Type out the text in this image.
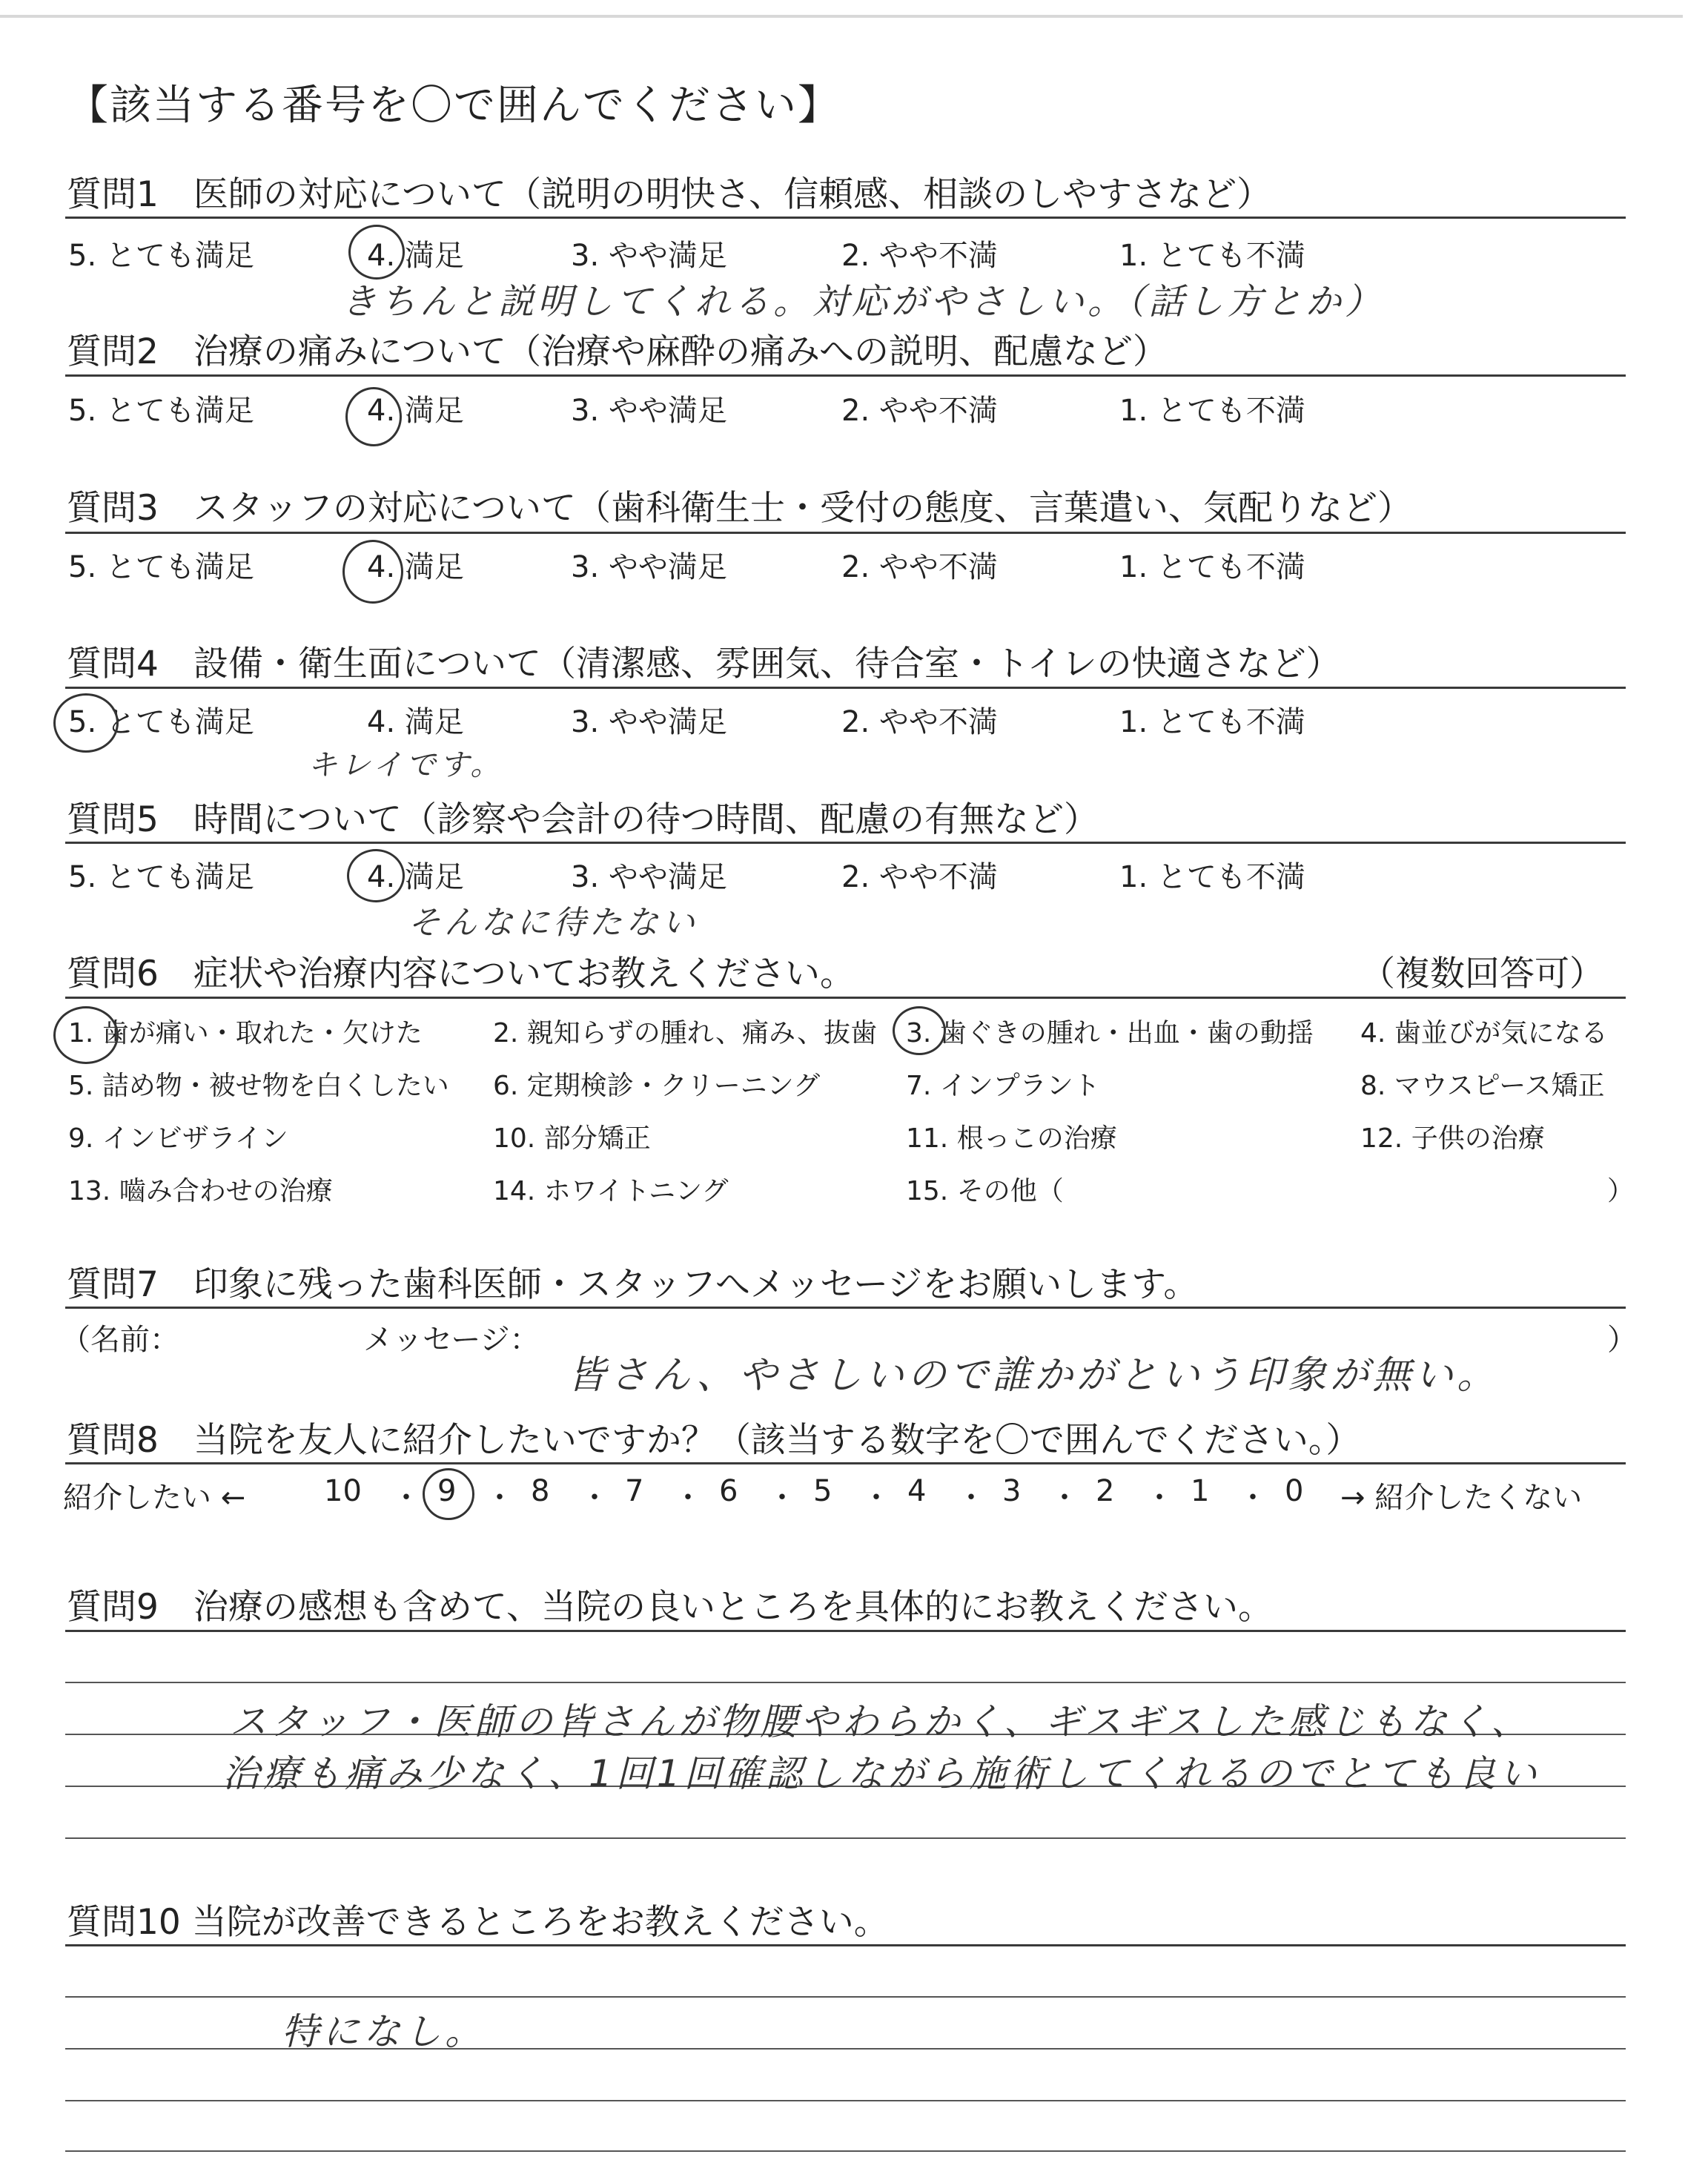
【該当する番号を〇で囲んでください】
質問1　医師の対応について（説明の明快さ、信頼感、相談のしやすさなど）
5. とても満足	4. 満足	3. やや満足	2. やや不満	1. とても不満
きちんと説明してくれる。対応がやさしい。（話し方とか）
質問2　治療の痛みについて（治療や麻酔の痛みへの説明、配慮など）
5. とても満足	4. 満足	3. やや満足	2. やや不満	1. とても不満
質問3　スタッフの対応について（歯科衛生士・受付の態度、言葉遣い、気配りなど）
5. とても満足	4. 満足	3. やや満足	2. やや不満	1. とても不満
質問4　設備・衛生面について（清潔感、雰囲気、待合室・トイレの快適さなど）
5. とても満足	4. 満足	3. やや満足	2. やや不満	1. とても不満
キレイです。
質問5　時間について（診察や会計の待つ時間、配慮の有無など）
5. とても満足	4. 満足	3. やや満足	2. やや不満	1. とても不満
そんなに待たない
質問6　症状や治療内容についてお教えください。	（複数回答可）
1. 歯が痛い・取れた・欠けた	2. 親知らずの腫れ、痛み、抜歯 3. 歯ぐきの腫れ・出血・歯の動揺 4. 歯並びが気になる
5. 詰め物・被せ物を白くしたい 6. 定期検診・クリーニング	7. インプラント	8. マウスピース矯正
9. インビザライン	10. 部分矯正	11. 根っこの治療	12. 子供の治療
13. 嚙み合わせの治療	14. ホワイトニング	15. その他（	）
質問7　印象に残った歯科医師・スタッフへメッセージをお願いします。
（名前：	メッセージ：	）
皆さん、やさしいので誰かがという印象が無い。
質問8　当院を友人に紹介したいですか？（該当する数字を〇で囲んでください。）
紹介したい ←	→ 紹介したくない
10 ・ 9 ・ 8 ・ 7 ・ 6 ・ 5 ・ 4 ・ 3 ・ 2 ・ 1 ・ 0
質問9　治療の感想も含めて、当院の良いところを具体的にお教えください。
スタッフ・医師の皆さんが物腰やわらかく、ギスギスした感じもなく、
治療も痛み少なく、1回1回確認しながら施術してくれるのでとても良い
質問10 当院が改善できるところをお教えください。
特になし。
